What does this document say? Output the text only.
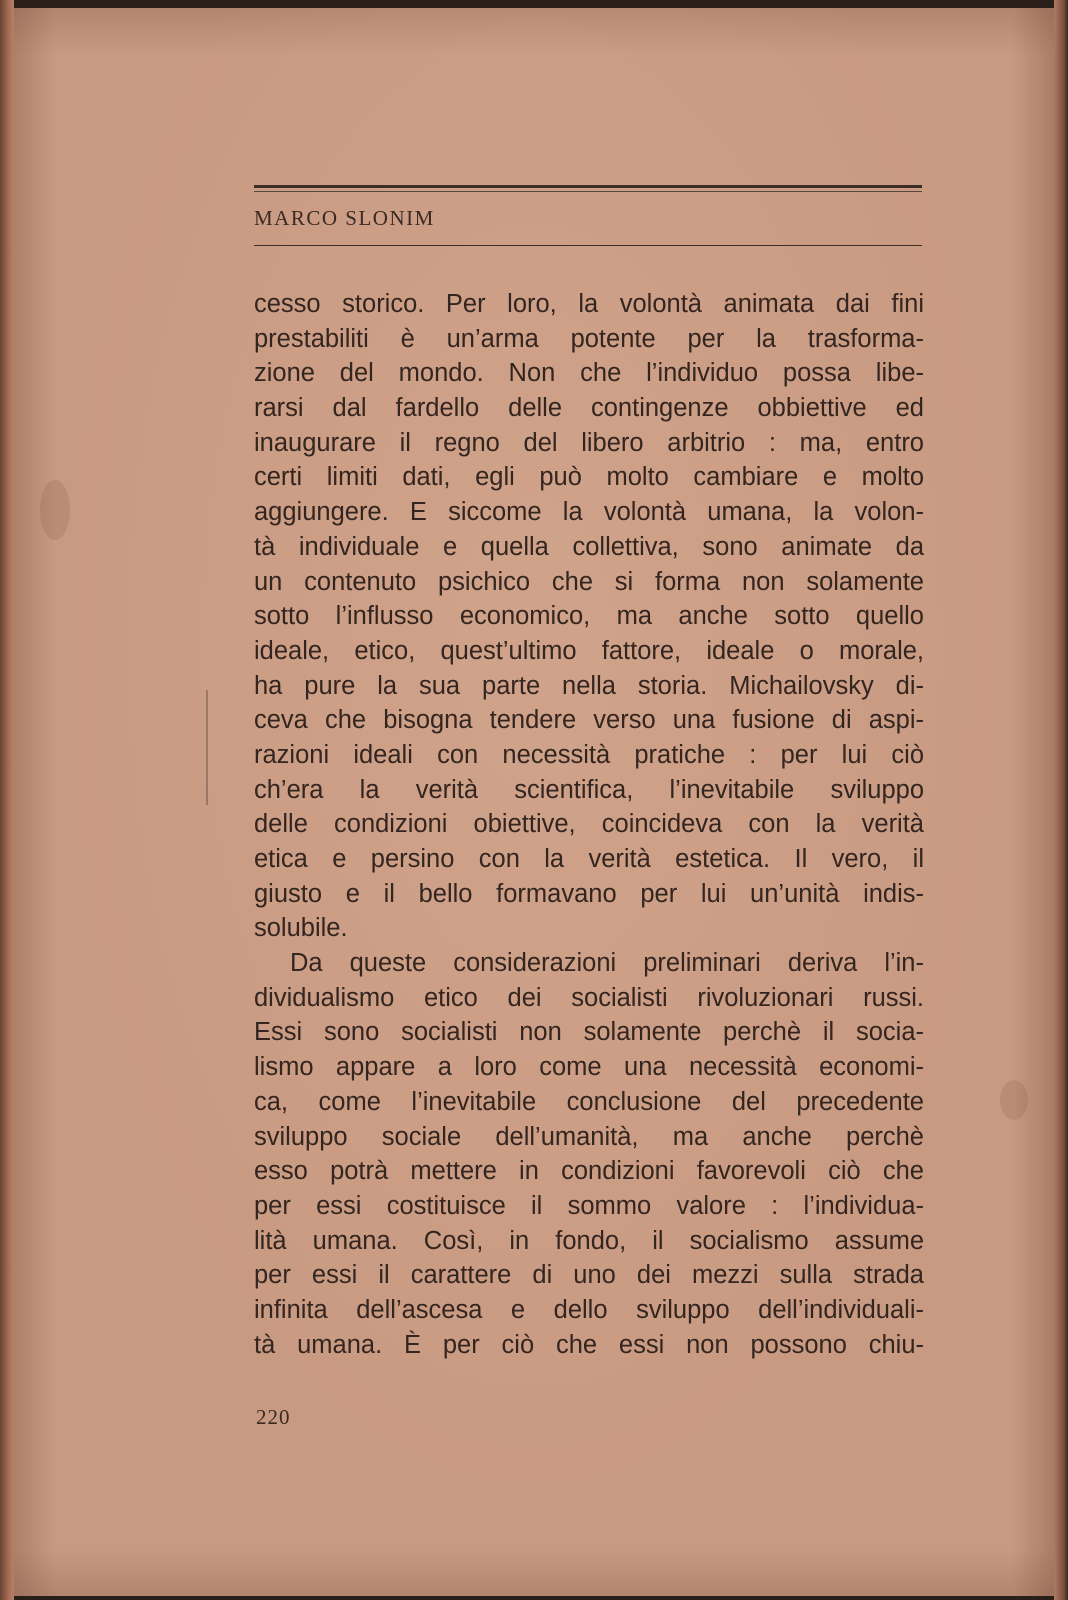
MARCO SLONIM
cesso storico. Per loro, la volontà animata dai fini
prestabiliti è un’arma potente per la trasforma-
zione del mondo. Non che l’individuo possa libe-
rarsi dal fardello delle contingenze obbiettive ed
inaugurare il regno del libero arbitrio : ma, entro
certi limiti dati, egli può molto cambiare e molto
aggiungere. E siccome la volontà umana, la volon-
tà individuale e quella collettiva, sono animate da
un contenuto psichico che si forma non solamente
sotto l’influsso economico, ma anche sotto quello
ideale, etico, quest’ultimo fattore, ideale o morale,
ha pure la sua parte nella storia. Michailovsky di-
ceva che bisogna tendere verso una fusione di aspi-
razioni ideali con necessità pratiche : per lui ciò
ch’era la verità scientifica, l’inevitabile sviluppo
delle condizioni obiettive, coincideva con la verità
etica e persino con la verità estetica. Il vero, il
giusto e il bello formavano per lui un’unità indis-
solubile.
Da queste considerazioni preliminari deriva l’in-
dividualismo etico dei socialisti rivoluzionari russi.
Essi sono socialisti non solamente perchè il socia-
lismo appare a loro come una necessità economi-
ca, come l’inevitabile conclusione del precedente
sviluppo sociale dell’umanità, ma anche perchè
esso potrà mettere in condizioni favorevoli ciò che
per essi costituisce il sommo valore : l’individua-
lità umana. Così, in fondo, il socialismo assume
per essi il carattere di uno dei mezzi sulla strada
infinita dell’ascesa e dello sviluppo dell’individuali-
tà umana. È per ciò che essi non possono chiu-
220
